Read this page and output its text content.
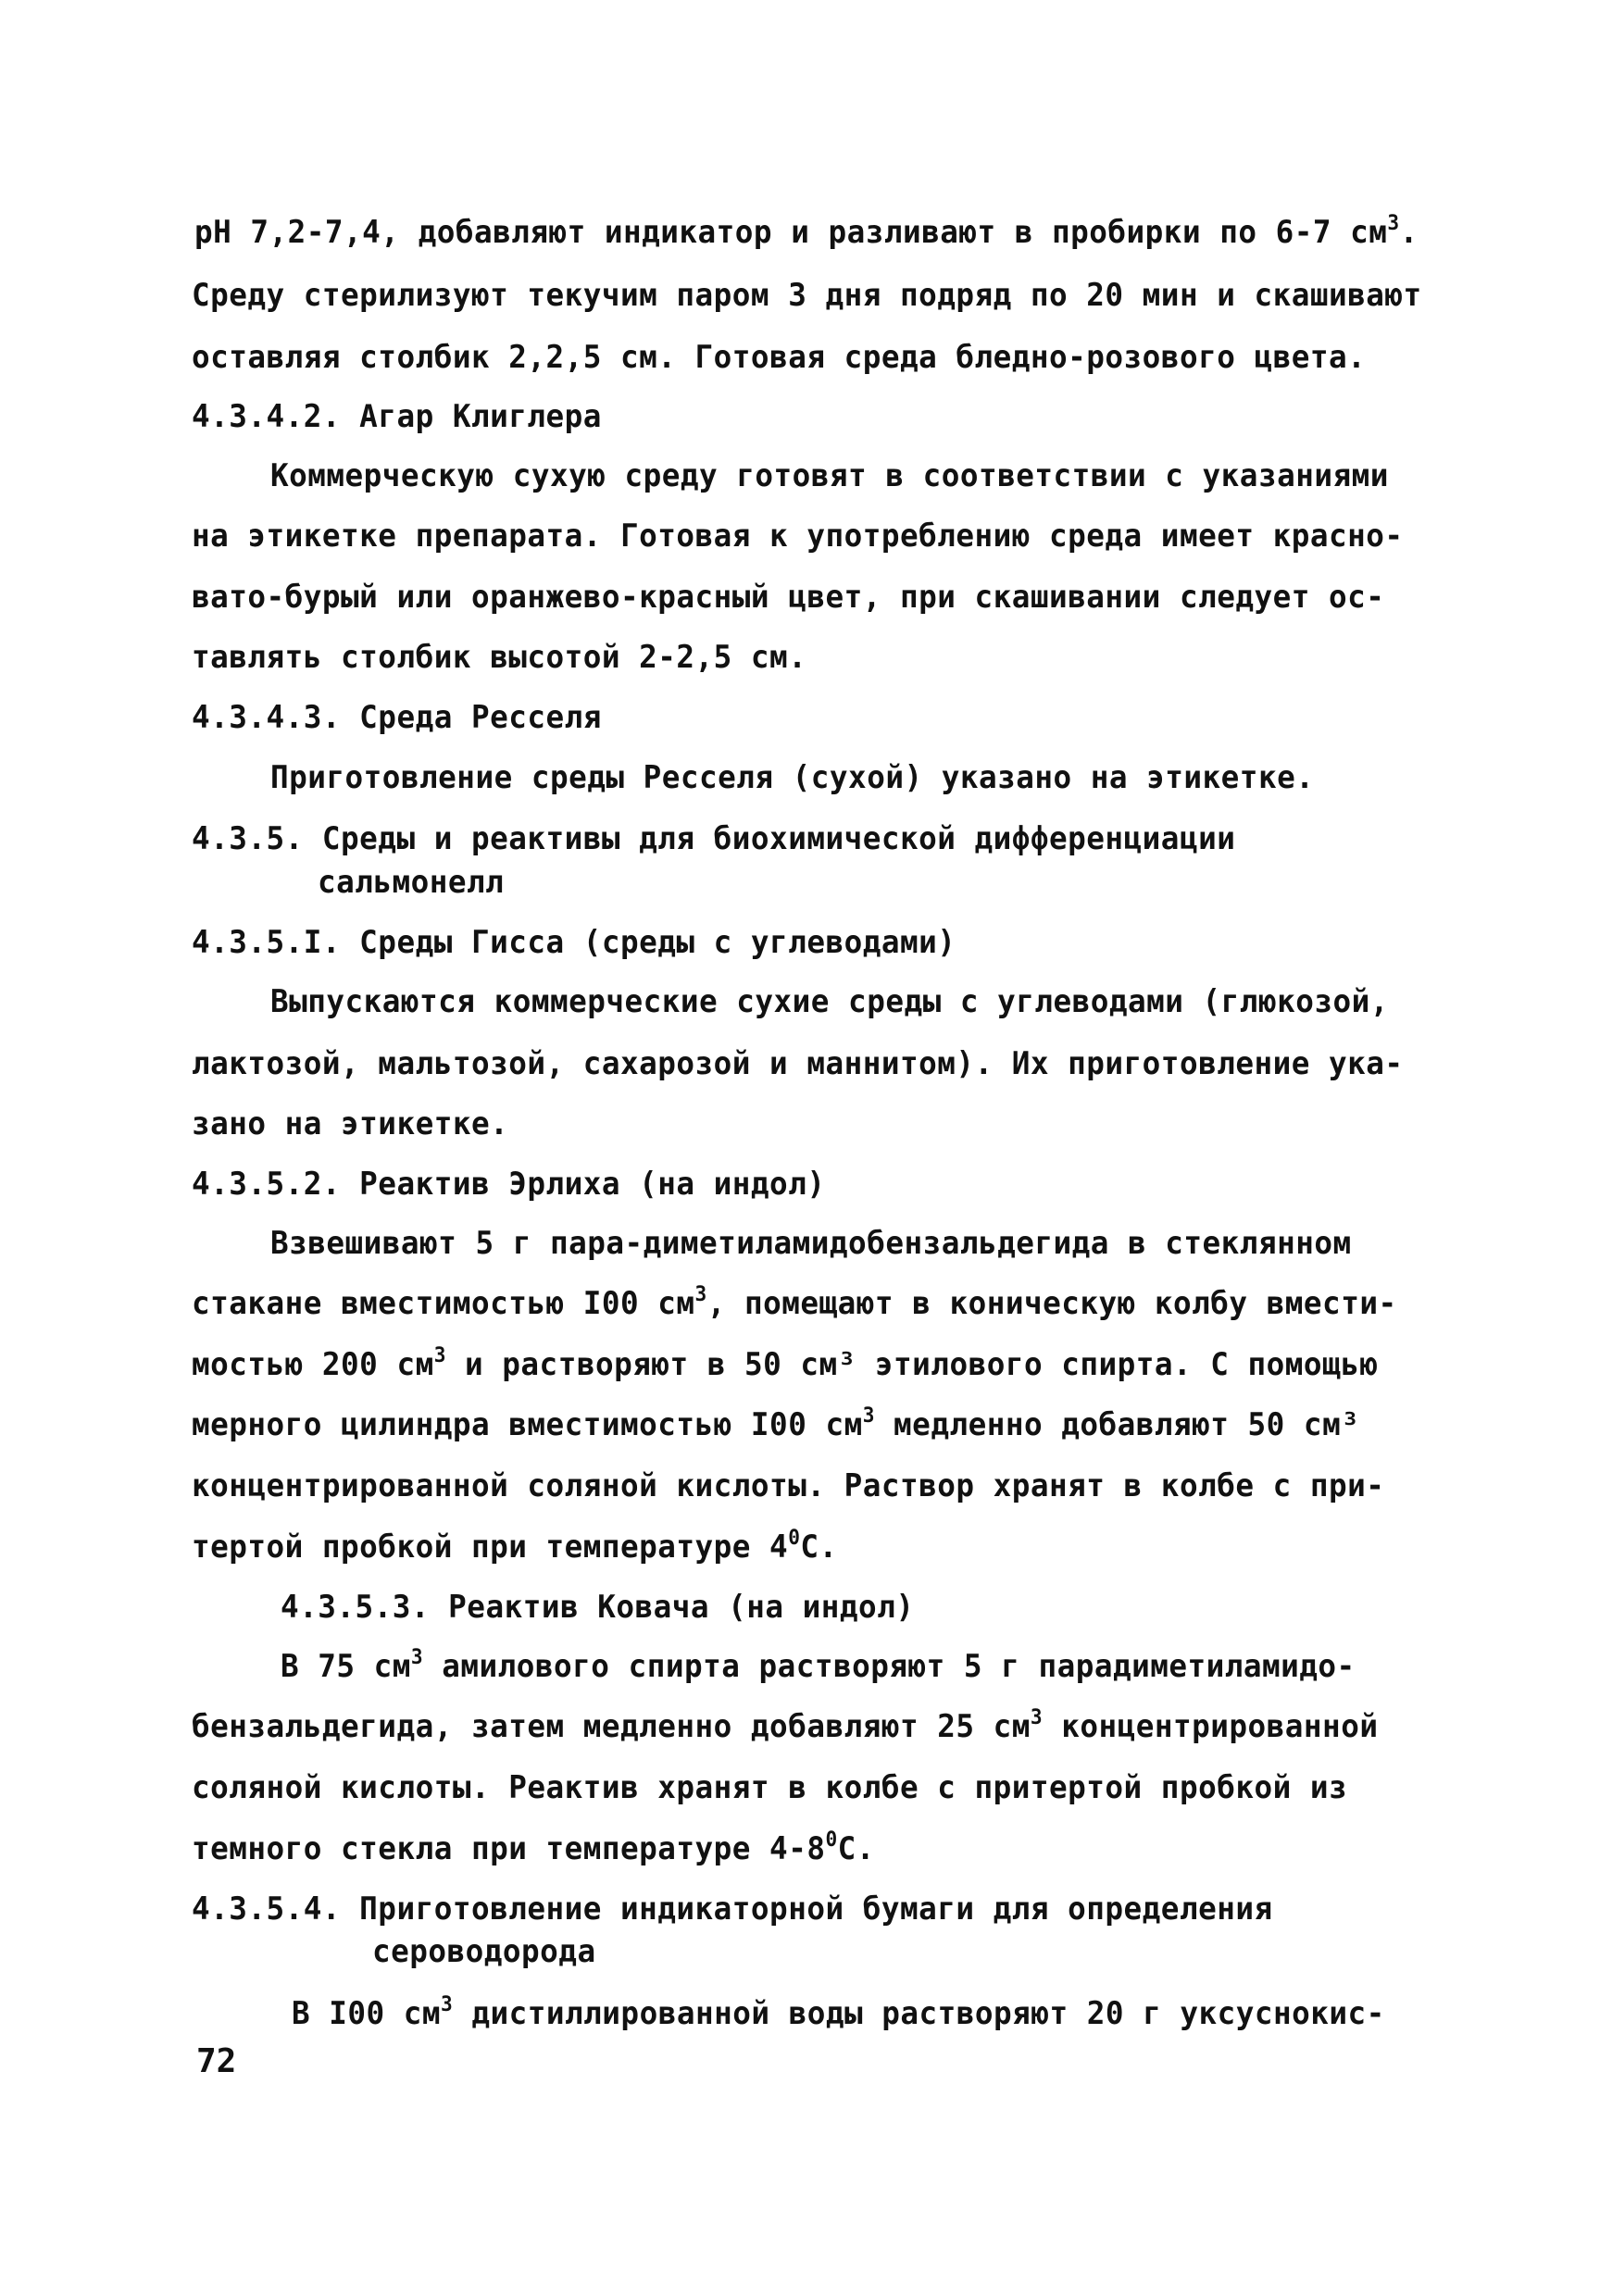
pH 7,2-7,4, добавляют индикатор и разливают в пробирки по 6-7 $см^3$.
Среду стерилизуют текучим паром 3 дня подряд по 20 мин и скашивают
оставляя столбик 2,2,5 см. Готовая среда бледно-розового цвета.
4.3.4.2. Агар Клиглера
Коммерческую сухую среду готовят в соответствии с указаниями
на этикетке препарата. Готовая к употреблению среда имеет красно-
вато-бурый или оранжево-красный цвет, при скашивании следует ос-
тавлять столбик высотой 2-2,5 см.
4.3.4.3. Среда Ресселя
Приготовление среды Ресселя (сухой) указано на этикетке.
4.3.5. Среды и реактивы для биохимической дифференциации
сальмонелл
4.3.5.I. Среды Гисса (среды с углеводами)
Выпускаются коммерческие сухие среды с углеводами (глюкозой,
лактозой, мальтозой, сахарозой и маннитом). Их приготовление ука-
зано на этикетке.
4.3.5.2. Реактив Эрлиха (на индол)
Взвешивают 5 г пара-диметиламидобензальдегида в стеклянном
стакане вместимостью I00 $см^3$, помещают в коническую колбу вмести-
мостью 200 $см^3$ и растворяют в 50 см³ этилового спирта. С помощью
мерного цилиндра вместимостью I00 $см^3$ медленно добавляют 50 см³
концентрированной соляной кислоты. Раствор хранят в колбе с при-
тертой пробкой при температуре $4^0С$.
4.3.5.3. Реактив Ковача (на индол)
В 75 $см^3$ амилового спирта растворяют 5 г парадиметиламидо-
бензальдегида, затем медленно добавляют 25 $см^3$ концентрированной
соляной кислоты. Реактив хранят в колбе с притертой пробкой из
темного стекла при температуре $4-8^0С$.
4.3.5.4. Приготовление индикаторной бумаги для определения
сероводорода
В I00 $см^3$ дистиллированной воды растворяют 20 г уксуснокис-
72
